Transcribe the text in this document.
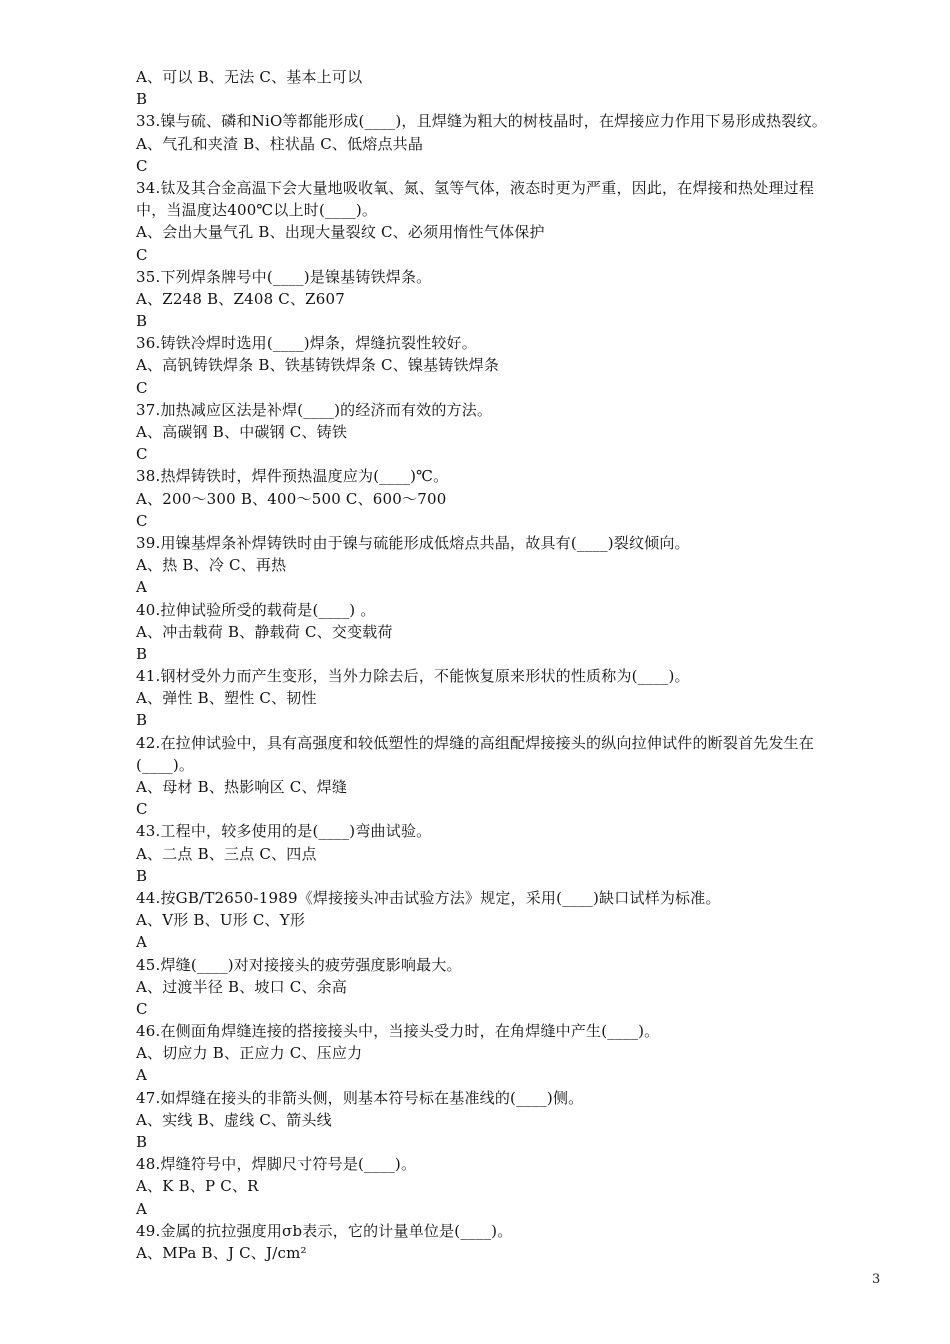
A、可以 B、无法 C、基本上可以
B
33.镍与硫、磷和NiO等都能形成(____)，且焊缝为粗大的树枝晶时，在焊接应力作用下易形成热裂纹。
A、气孔和夹渣 B、柱状晶 C、低熔点共晶
C
34.钛及其合金高温下会大量地吸收氧、氮、氢等气体，液态时更为严重，因此，在焊接和热处理过程
中，当温度达400℃以上时(____)。
A、会出大量气孔 B、出现大量裂纹 C、必须用惰性气体保护
C
35.下列焊条牌号中(____)是镍基铸铁焊条。
A、Z248 B、Z408 C、Z607
B
36.铸铁冷焊时选用(____)焊条，焊缝抗裂性较好。
A、高钒铸铁焊条 B、铁基铸铁焊条 C、镍基铸铁焊条
C
37.加热减应区法是补焊(____)的经济而有效的方法。
A、高碳钢 B、中碳钢 C、铸铁
C
38.热焊铸铁时，焊件预热温度应为(____)℃。
A、200～300 B、400～500 C、600～700
C
39.用镍基焊条补焊铸铁时由于镍与硫能形成低熔点共晶，故具有(____)裂纹倾向。
A、热 B、冷 C、再热
A
40.拉伸试验所受的载荷是(____) 。
A、冲击载荷 B、静载荷 C、交变载荷
B
41.钢材受外力而产生变形，当外力除去后，不能恢复原来形状的性质称为(____)。
A、弹性 B、塑性 C、韧性
B
42.在拉伸试验中，具有高强度和较低塑性的焊缝的高组配焊接接头的纵向拉伸试件的断裂首先发生在
(____)。
A、母材 B、热影响区 C、焊缝
C
43.工程中，较多使用的是(____)弯曲试验。
A、二点 B、三点 C、四点
B
44.按GB/T2650-1989《焊接接头冲击试验方法》规定，采用(____)缺口试样为标准。
A、V形 B、U形 C、Y形
A
45.焊缝(____)对对接接头的疲劳强度影响最大。
A、过渡半径 B、坡口 C、余高
C
46.在侧面角焊缝连接的搭接接头中，当接头受力时，在角焊缝中产生(____)。
A、切应力 B、正应力 C、压应力
A
47.如焊缝在接头的非箭头侧，则基本符号标在基准线的(____)侧。
A、实线 B、虚线 C、箭头线
B
48.焊缝符号中，焊脚尺寸符号是(____)。
A、K B、P C、R
A
49.金属的抗拉强度用σb表示，它的计量单位是(____)。
A、MPa B、J C、J/cm²
3
